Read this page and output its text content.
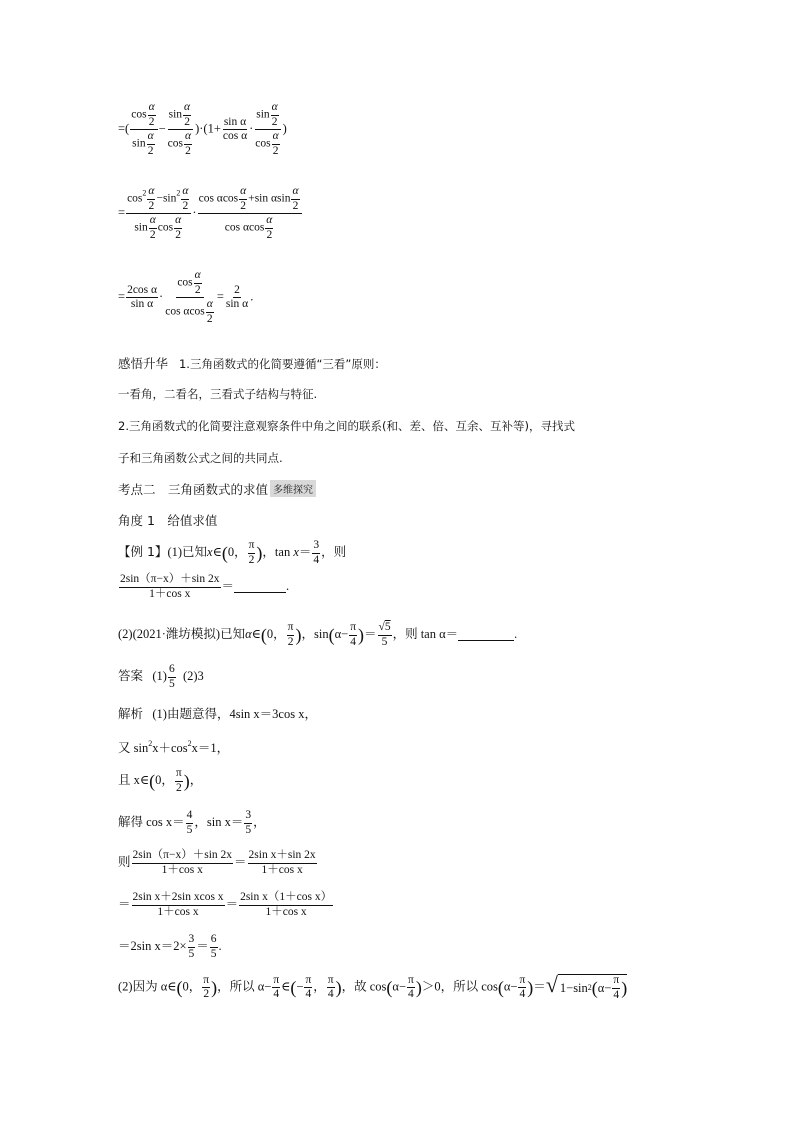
=( $\frac{\cos \frac{\alpha}{2}}{\sin \frac{\alpha}{2}} - \frac{\sin \frac{\alpha}{2}}{\cos \frac{\alpha}{2}} )\cdot(1+ \frac{\text{sin α}}{\text{cos α}} \cdot \frac{\sin \frac{\alpha}{2}}{\cos \frac{\alpha}{2}}$ )
= $\frac{\cos^2 \frac{\alpha}{2} -\sin^2 \frac{\alpha}{2}}{\sin \frac{\alpha}{2} \cos \frac{\alpha}{2}} \cdot \frac{\cos \alpha\cos \frac{\alpha}{2} +\sin \alpha\sin \frac{\alpha}{2}}{\cos \alpha\cos \frac{\alpha}{2}}$
= $\frac{\text{2cos α}}{\text{sin α}} \cdot \frac{\cos \frac{\alpha}{2}}{\cos \alpha\cos \frac{\alpha}{2}} = \frac{2}{\text{sin α}}$ .
感悟升华 1.三角函数式的化简要遵循“三看”原则：
一看角，二看名，三看式子结构与特征.
2.三角函数式的化简要注意观察条件中角之间的联系(和、差、倍、互余、互补等)，寻找式
子和三角函数公式之间的共同点.
考点二　三角函数式的求值 多维探究
角度 1　给值求值
【例 1】(1)已知x∈(0， $\frac{\pi}{2}$ )，$\tan x= \frac{3}{4}$ ，则
$\frac{2\sin(\pi-x)+\sin 2x}{\text{1＋cos x}}$ ＝	.
(2)(2021·潍坊模拟)已知α∈(0， $\frac{\pi}{2}$ )，$\sin(\alpha- \frac{\pi}{4}$ )＝ $\frac{√5}{5}$ ，则 tan α＝	.
答案 $(1) \frac{6}{5} (2)3$
解析 (1)由题意得，4sin x＝3cos x，
又 $\sin^2x+\cos^2x=1$，
且 x∈(0， $\frac{\pi}{2}$ )，
解得 $\cos x= \frac{4}{5}$ ，$\sin x= \frac{3}{5}$ ，
则 $\frac{2\sin(\pi-x)+\sin 2x}{\text{1＋cos x}} = \frac{\text{2sin x＋sin 2x}}{\text{1＋cos x}}$
＝ $\frac{\text{2sin x＋2sin xcos x}}{\text{1＋cos x}} = \frac{\text{2sin x（1＋cos x）}}{\text{1＋cos x}}$
＝2sin $x=2\times \frac{3}{5} = \frac{6}{5}$ .
(2)因为 α∈(0， $\frac{\pi}{2}$ )，所以 $\alpha- \frac{\pi}{4}$ ∈(− $\frac{\pi}{4}$ ， $\frac{\pi}{4}$ )，故 $\cos(\alpha- \frac{\pi}{4} )>0$，所以 $\cos(\alpha- \frac{\pi}{4}$ )＝ √ 1−sin 2 ( $\alpha- \frac{\pi}{4}$ )
